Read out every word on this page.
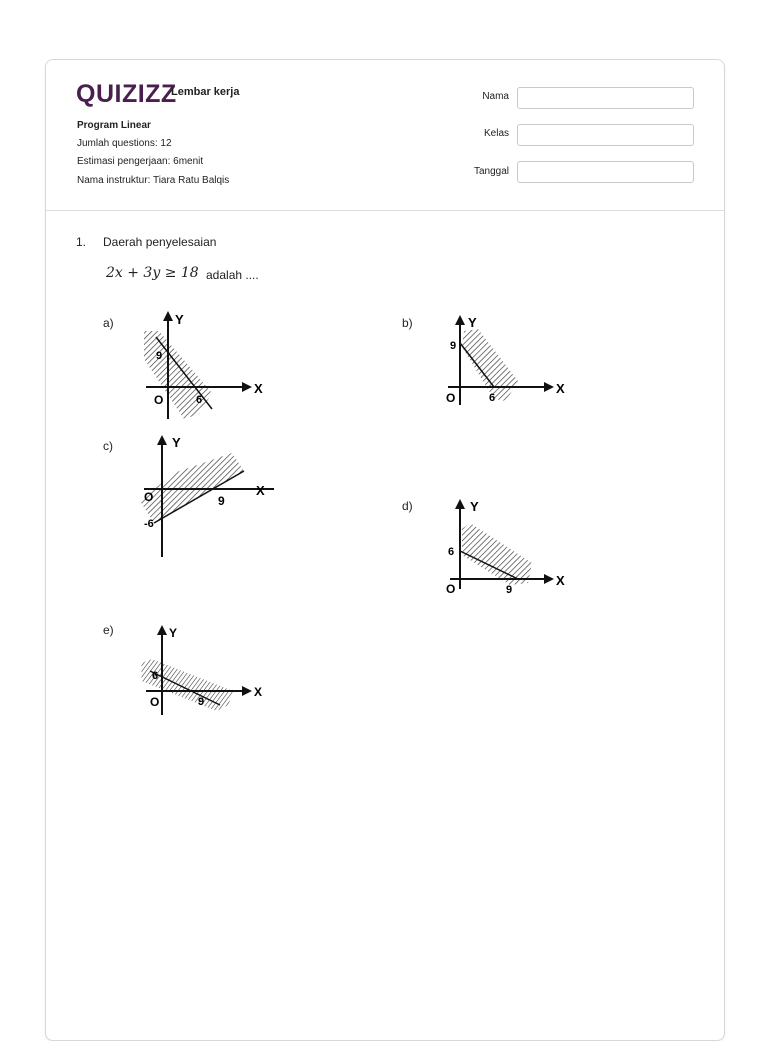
QUIZIZZ
Lembar kerja
Program Linear
Jumlah questions: 12
Estimasi pengerjaan: 6menit
Nama instruktur: Tiara Ratu Balqis
Nama
Kelas
Tanggal
1. Daerah penyelesaian
2x + 3y ≥ 18 adalah ....
a)	Y
X
O
9
6
b)	Y
X
O
9
6
c)	Y
X
O
-6
9	d)	Y
X
O
6
9
e)	Y
X
O
6
9
